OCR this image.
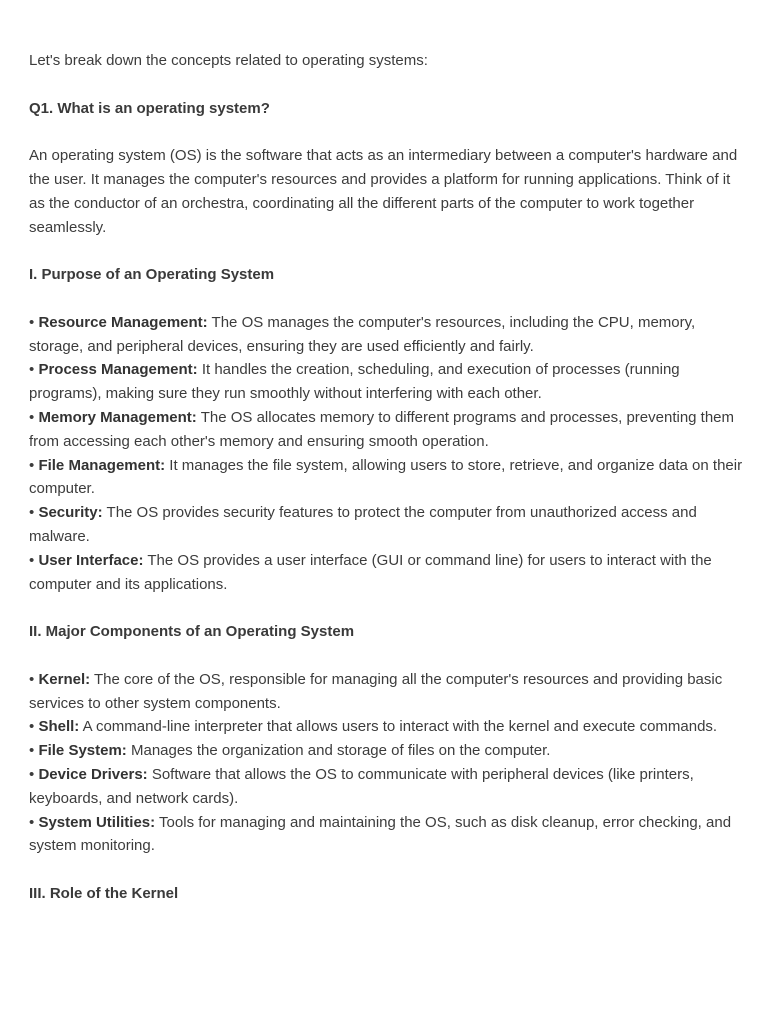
Let's break down the concepts related to operating systems:

Q1. What is an operating system?

An operating system (OS) is the software that acts as an intermediary between a computer's hardware and the user. It manages the computer's resources and provides a platform for running applications. Think of it as the conductor of an orchestra, coordinating all the different parts of the computer to work together seamlessly.

I. Purpose of an Operating System

• Resource Management: The OS manages the computer's resources, including the CPU, memory, storage, and peripheral devices, ensuring they are used efficiently and fairly.

• Process Management: It handles the creation, scheduling, and execution of processes (running programs), making sure they run smoothly without interfering with each other.

• Memory Management: The OS allocates memory to different programs and processes, preventing them from accessing each other's memory and ensuring smooth operation.

• File Management: It manages the file system, allowing users to store, retrieve, and organize data on their computer.

• Security: The OS provides security features to protect the computer from unauthorized access and malware.

• User Interface: The OS provides a user interface (GUI or command line) for users to interact with the computer and its applications.

II. Major Components of an Operating System

• Kernel: The core of the OS, responsible for managing all the computer's resources and providing basic services to other system components.

• Shell: A command-line interpreter that allows users to interact with the kernel and execute commands.

• File System: Manages the organization and storage of files on the computer.

• Device Drivers: Software that allows the OS to communicate with peripheral devices (like printers, keyboards, and network cards).

• System Utilities: Tools for managing and maintaining the OS, such as disk cleanup, error checking, and system monitoring.

III. Role of the Kernel
